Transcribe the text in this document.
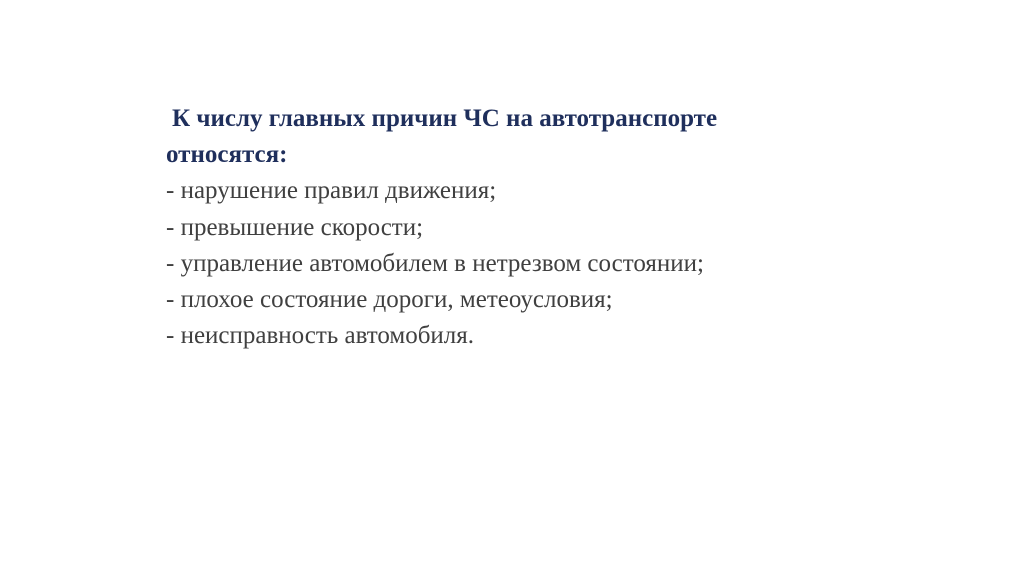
К числу главных причин ЧС на автотранспорте
относятся:

- нарушение правил движения;
- превышение скорости;
- управление автомобилем в нетрезвом состоянии;
- плохое состояние дороги, метеоусловия;
- неисправность автомобиля.
